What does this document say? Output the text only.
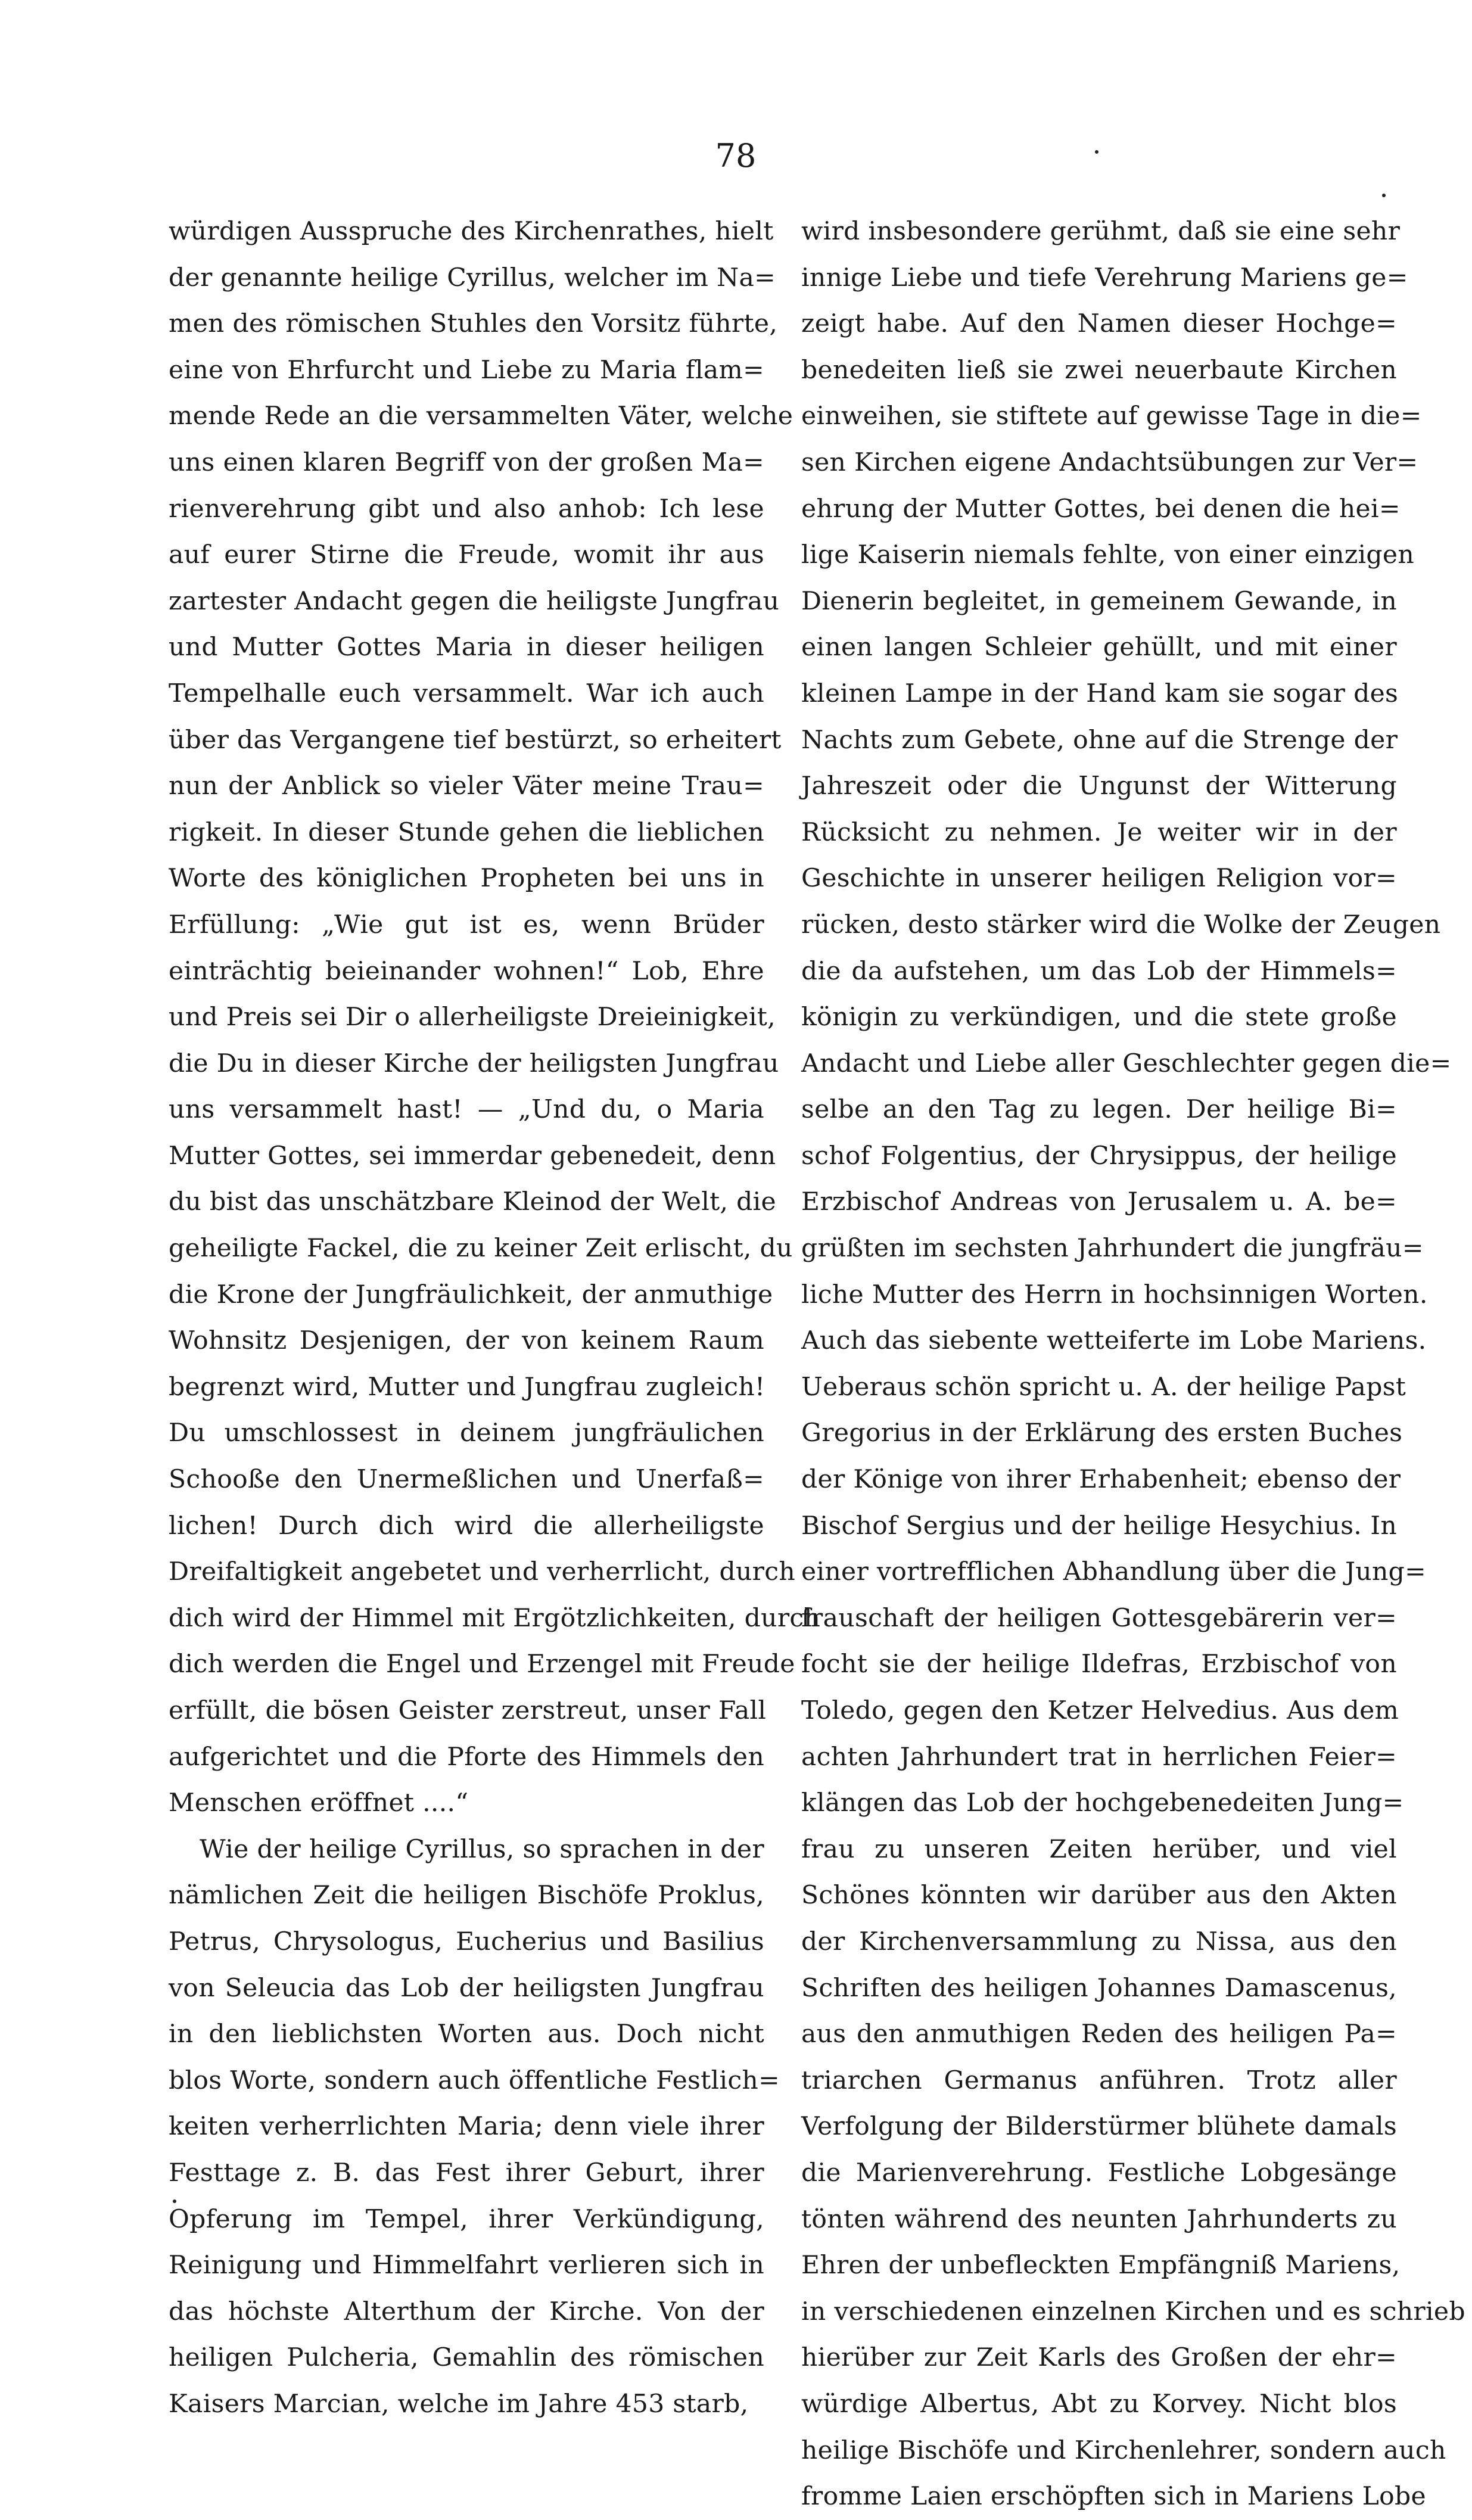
78
würdigen Ausspruche des Kirchenrathes, hielt
der genannte heilige Cyrillus, welcher im Na=
men des römischen Stuhles den Vorsitz führte,
eine von Ehrfurcht und Liebe zu Maria flam=
mende Rede an die versammelten Väter, welche
uns einen klaren Begriff von der großen Ma=
rienverehrung gibt und also anhob: Ich lese
auf eurer Stirne die Freude, womit ihr aus
zartester Andacht gegen die heiligste Jungfrau
und Mutter Gottes Maria in dieser heiligen
Tempelhalle euch versammelt. War ich auch
über das Vergangene tief bestürzt, so erheitert
nun der Anblick so vieler Väter meine Trau=
rigkeit. In dieser Stunde gehen die lieblichen
Worte des königlichen Propheten bei uns in
Erfüllung: „Wie gut ist es, wenn Brüder
einträchtig beieinander wohnen!“ Lob, Ehre
und Preis sei Dir o allerheiligste Dreieinigkeit,
die Du in dieser Kirche der heiligsten Jungfrau
uns versammelt hast! — „Und du, o Maria
Mutter Gottes, sei immerdar gebenedeit, denn
du bist das unschätzbare Kleinod der Welt, die
geheiligte Fackel, die zu keiner Zeit erlischt, du
die Krone der Jungfräulichkeit, der anmuthige
Wohnsitz Desjenigen, der von keinem Raum
begrenzt wird, Mutter und Jungfrau zugleich!
Du umschlossest in deinem jungfräulichen
Schooße den Unermeßlichen und Unerfaß=
lichen! Durch dich wird die allerheiligste
Dreifaltigkeit angebetet und verherrlicht, durch
dich wird der Himmel mit Ergötzlichkeiten, durch
dich werden die Engel und Erzengel mit Freude
erfüllt, die bösen Geister zerstreut, unser Fall
aufgerichtet und die Pforte des Himmels den
Menschen eröffnet ....“
Wie der heilige Cyrillus, so sprachen in der
nämlichen Zeit die heiligen Bischöfe Proklus,
Petrus, Chrysologus, Eucherius und Basilius
von Seleucia das Lob der heiligsten Jungfrau
in den lieblichsten Worten aus. Doch nicht
blos Worte, sondern auch öffentliche Festlich=
keiten verherrlichten Maria; denn viele ihrer
Festtage z. B. das Fest ihrer Geburt, ihrer
Opferung im Tempel, ihrer Verkündigung,
Reinigung und Himmelfahrt verlieren sich in
das höchste Alterthum der Kirche. Von der
heiligen Pulcheria, Gemahlin des römischen
Kaisers Marcian, welche im Jahre 453 starb,
wird insbesondere gerühmt, daß sie eine sehr
innige Liebe und tiefe Verehrung Mariens ge=
zeigt habe. Auf den Namen dieser Hochge=
benedeiten ließ sie zwei neuerbaute Kirchen
einweihen, sie stiftete auf gewisse Tage in die=
sen Kirchen eigene Andachtsübungen zur Ver=
ehrung der Mutter Gottes, bei denen die hei=
lige Kaiserin niemals fehlte, von einer einzigen
Dienerin begleitet, in gemeinem Gewande, in
einen langen Schleier gehüllt, und mit einer
kleinen Lampe in der Hand kam sie sogar des
Nachts zum Gebete, ohne auf die Strenge der
Jahreszeit oder die Ungunst der Witterung
Rücksicht zu nehmen. Je weiter wir in der
Geschichte in unserer heiligen Religion vor=
rücken, desto stärker wird die Wolke der Zeugen
die da aufstehen, um das Lob der Himmels=
königin zu verkündigen, und die stete große
Andacht und Liebe aller Geschlechter gegen die=
selbe an den Tag zu legen. Der heilige Bi=
schof Folgentius, der Chrysippus, der heilige
Erzbischof Andreas von Jerusalem u. A. be=
grüßten im sechsten Jahrhundert die jungfräu=
liche Mutter des Herrn in hochsinnigen Worten.
Auch das siebente wetteiferte im Lobe Mariens.
Ueberaus schön spricht u. A. der heilige Papst
Gregorius in der Erklärung des ersten Buches
der Könige von ihrer Erhabenheit; ebenso der
Bischof Sergius und der heilige Hesychius. In
einer vortrefflichen Abhandlung über die Jung=
frauschaft der heiligen Gottesgebärerin ver=
focht sie der heilige Ildefras, Erzbischof von
Toledo, gegen den Ketzer Helvedius. Aus dem
achten Jahrhundert trat in herrlichen Feier=
klängen das Lob der hochgebenedeiten Jung=
frau zu unseren Zeiten herüber, und viel
Schönes könnten wir darüber aus den Akten
der Kirchenversammlung zu Nissa, aus den
Schriften des heiligen Johannes Damascenus,
aus den anmuthigen Reden des heiligen Pa=
triarchen Germanus anführen. Trotz aller
Verfolgung der Bilderstürmer blühete damals
die Marienverehrung. Festliche Lobgesänge
tönten während des neunten Jahrhunderts zu
Ehren der unbefleckten Empfängniß Mariens,
in verschiedenen einzelnen Kirchen und es schrieb
hierüber zur Zeit Karls des Großen der ehr=
würdige Albertus, Abt zu Korvey. Nicht blos
heilige Bischöfe und Kirchenlehrer, sondern auch
fromme Laien erschöpften sich in Mariens Lobe
